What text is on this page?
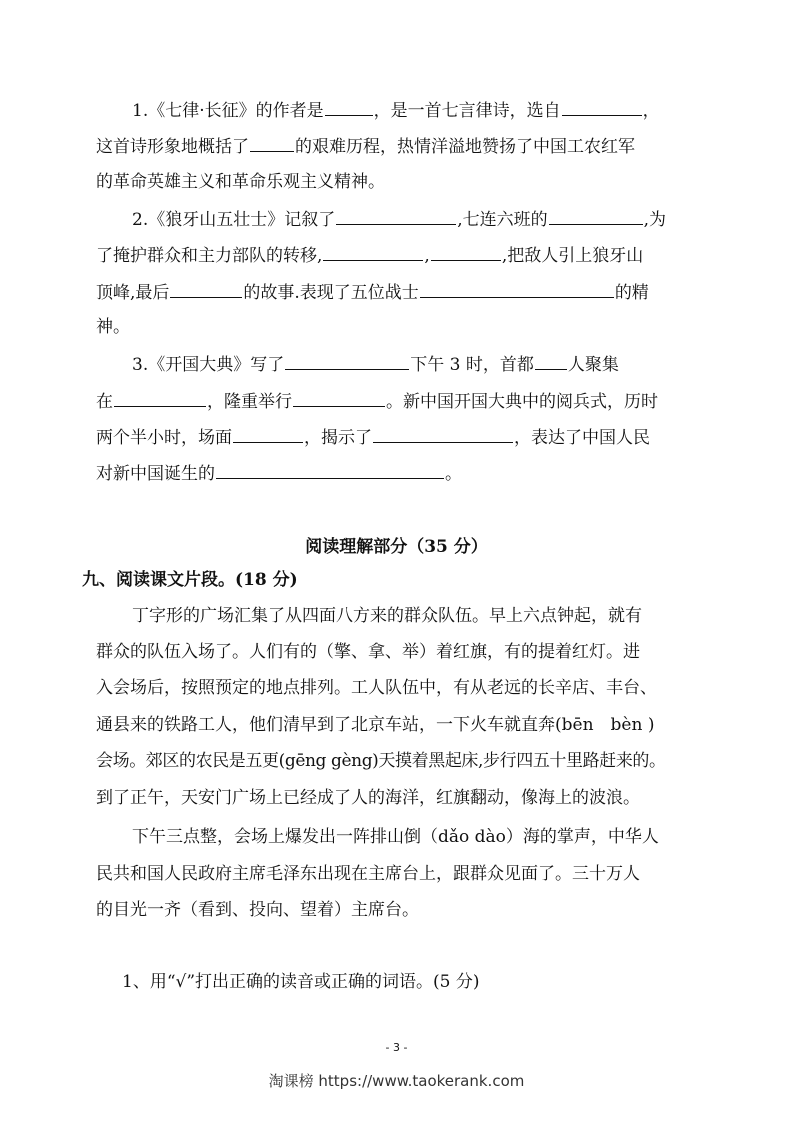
1.《七律·长征》的作者是	，是一首七言律诗，选自	，
这首诗形象地概括了	的艰难历程，热情洋溢地赞扬了中国工农红军
的革命英雄主义和革命乐观主义精神。
2.《狼牙山五壮士》记叙了	,七连六班的	,为
了掩护群众和主力部队的转移,	,	,把敌人引上狼牙山
顶峰,最后	的故事.表现了五位战士	的精
神。
3.《开国大典》写了	下午 3 时，首都 人聚集
在	，隆重举行	。新中国开国大典中的阅兵式，历时
两个半小时，场面	，揭示了	，表达了中国人民
对新中国诞生的	。
阅读理解部分（35 分）
九、阅读课文片段。(18 分)
丁字形的广场汇集了从四面八方来的群众队伍。早上六点钟起，就有
群众的队伍入场了。人们有的（擎、拿、举）着红旗，有的提着红灯。进
入会场后，按照预定的地点排列。工人队伍中，有从老远的长辛店、丰台、
通县来的铁路工人，他们清早到了北京车站，一下火车就直奔(bēn　bèn )
会场。郊区的农民是五更(gēng gèng)天摸着黑起床,步行四五十里路赶来的。
到了正午，天安门广场上已经成了人的海洋，红旗翻动，像海上的波浪。
下午三点整，会场上爆发出一阵排山倒（dǎo dào）海的掌声，中华人
民共和国人民政府主席毛泽东出现在主席台上，跟群众见面了。三十万人
的目光一齐（看到、投向、望着）主席台。
1、用“√”打出正确的读音或正确的词语。(5 分)
- 3 -
淘课榜 https://www.taokerank.com
